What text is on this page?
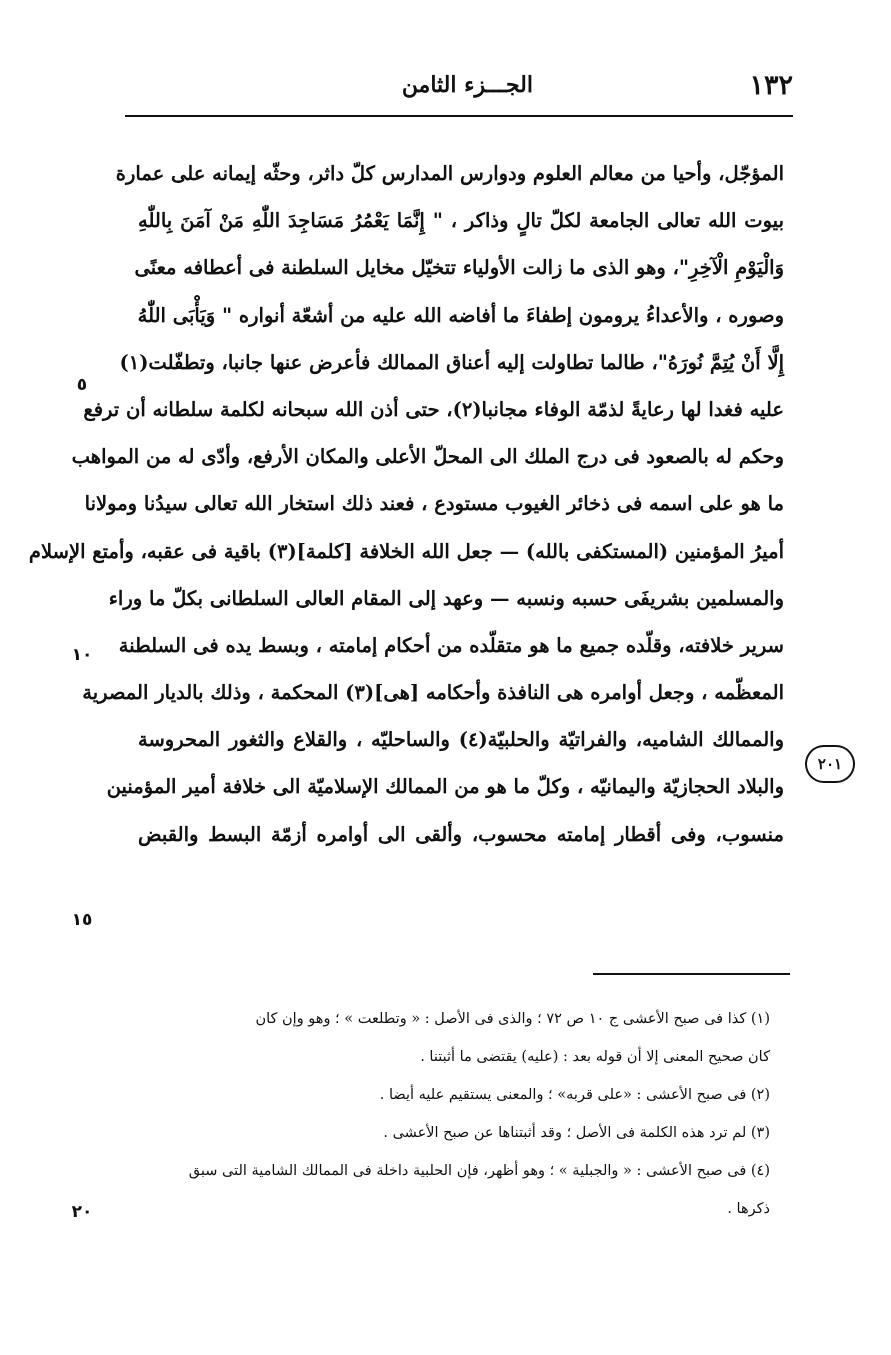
١٣٢
الجـــزء الثامن
المؤجّل، وأحيا من معالم العلوم ودوارس المدارس كلّ داثر، وحثّه إيمانه على عمارة
بيوت الله تعالى الجامعة لكلّ تالٍ وذاكر ، " إِنَّمَا يَعْمُرُ مَسَاجِدَ اللّٰهِ مَنْ آمَنَ بِاللّٰهِ
وَالْيَوْمِ الْآخِرِ"، وهو الذى ما زالت الأولياء تتخيّل مخايل السلطنة فى أعطافه معنًى
وصوره ، والأعداءُ يرومون إطفاءَ ما أفاضه الله عليه من أشعّة أنواره " وَيَأْبَى اللّٰهُ
إِلَّا أَنْ يُتِمَّ نُورَهُ"، طالما تطاولت إليه أعناق الممالك فأعرض عنها جانبا، وتطفّلت(١)
عليه فغدا لها رعايةً لذمّة الوفاء مجانبا(٢)، حتى أذن الله سبحانه لكلمة سلطانه أن ترفع
وحكم له بالصعود فى درج الملك الى المحلّ الأعلى والمكان الأرفع، وأدّى له من المواهب
ما هو على اسمه فى ذخائر الغيوب مستودع ، فعند ذلك استخار الله تعالى سيدُنا ومولانا
أميرُ المؤمنين (المستكفى بالله) — جعل الله الخلافة [كلمة](٣) باقية فى عقبه، وأمتع الإسلام
والمسلمين بشريفَى حسبه ونسبه — وعهد إلى المقام العالى السلطانى بكلّ ما وراء
سرير خلافته، وقلّده جميع ما هو متقلّده من أحكام إمامته ، وبسط يده فى السلطنة
المعظّمه ، وجعل أوامره هى النافذة وأحكامه [هى](٣) المحكمة ، وذلك بالديار المصرية
والممالك الشاميه، والفراتيّة والحلبيّة(٤) والساحليّه ، والقلاع والثغور المحروسة
والبلاد الحجازيّة واليمانيّه ، وكلّ ما هو من الممالك الإسلاميّة الى خلافة أمير المؤمنين
منسوب، وفى أقطار إمامته محسوب، وألقى الى أوامره أزمّة البسط والقبض
٥
١٠
١٥
٢٠
٢٠١
(١) كذا فى صبح الأعشى ج ١٠ ص ٧٢ ؛ والذى فى الأصل : « وتطلعت » ؛ وهو وإن كان
كان صحيح المعنى إلا أن قوله بعد : (عليه) يقتضى ما أثبتنا .
(٢) فى صبح الأعشى : «على قربه» ؛ والمعنى يستقيم عليه أيضا .
(٣) لم ترد هذه الكلمة فى الأصل ؛ وقد أثبتناها عن صبح الأعشى .
(٤) فى صبح الأعشى : « والجبلية » ؛ وهو أظهر، فإن الحلبية داخلة فى الممالك الشامية التى سبق
ذكرها .
